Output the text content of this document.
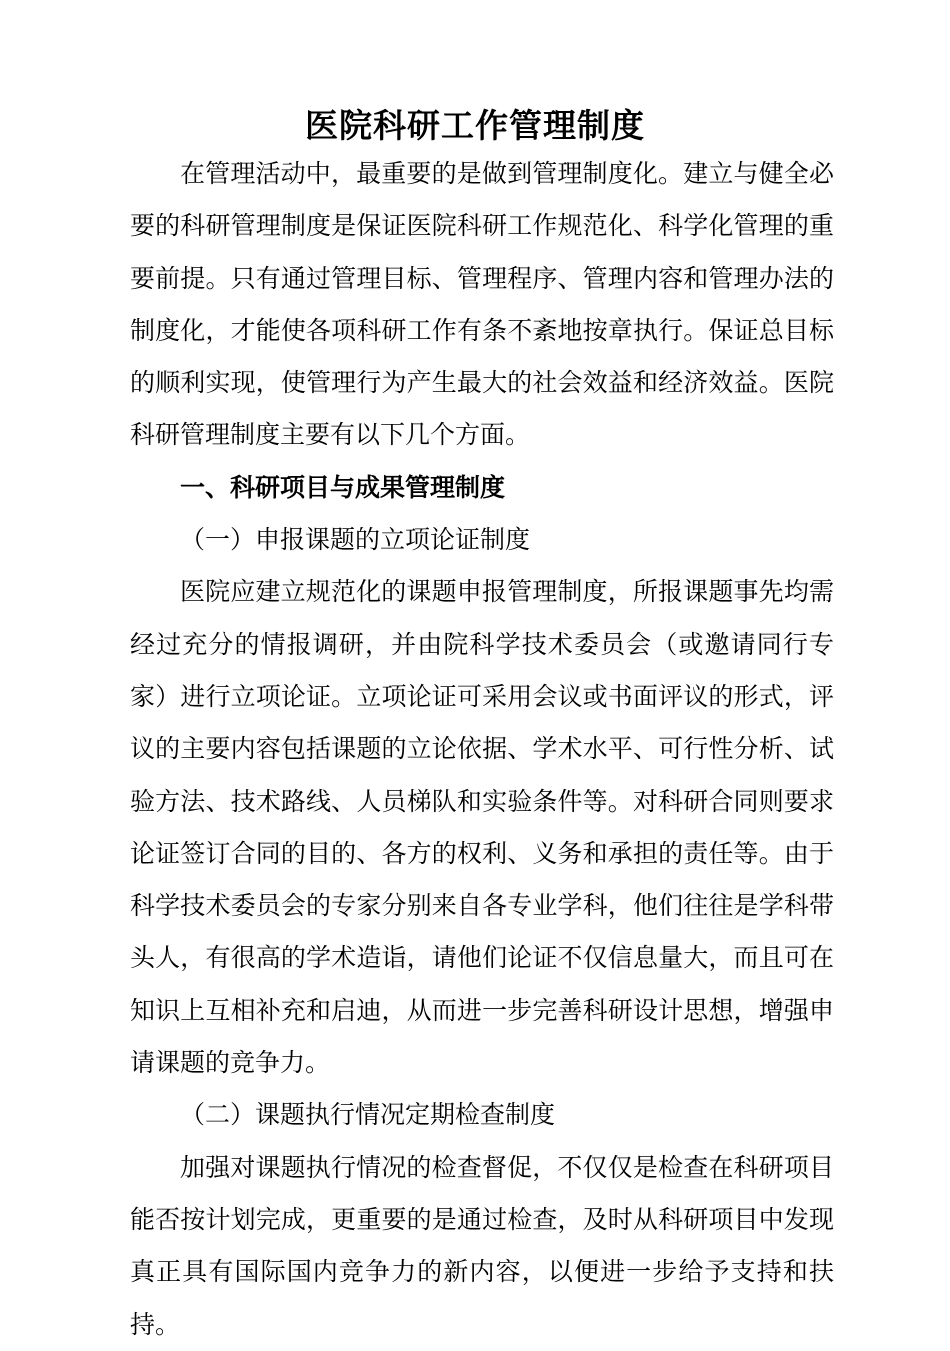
医院科研工作管理制度

在管理活动中，最重要的是做到管理制度化。建立与健全必要的科研管理制度是保证医院科研工作规范化、科学化管理的重要前提。只有通过管理目标、管理程序、管理内容和管理办法的制度化，才能使各项科研工作有条不紊地按章执行。保证总目标的顺利实现，使管理行为产生最大的社会效益和经济效益。医院科研管理制度主要有以下几个方面。

一、科研项目与成果管理制度

（一）申报课题的立项论证制度

医院应建立规范化的课题申报管理制度，所报课题事先均需经过充分的情报调研，并由院科学技术委员会（或邀请同行专家）进行立项论证。立项论证可采用会议或书面评议的形式，评议的主要内容包括课题的立论依据、学术水平、可行性分析、试验方法、技术路线、人员梯队和实验条件等。对科研合同则要求论证签订合同的目的、各方的权利、义务和承担的责任等。由于科学技术委员会的专家分别来自各专业学科，他们往往是学科带头人，有很高的学术造诣，请他们论证不仅信息量大，而且可在知识上互相补充和启迪，从而进一步完善科研设计思想，增强申请课题的竞争力。

（二）课题执行情况定期检查制度

加强对课题执行情况的检查督促，不仅仅是检查在科研项目能否按计划完成，更重要的是通过检查，及时从科研项目中发现真正具有国际国内竞争力的新内容，以便进一步给予支持和扶持。
